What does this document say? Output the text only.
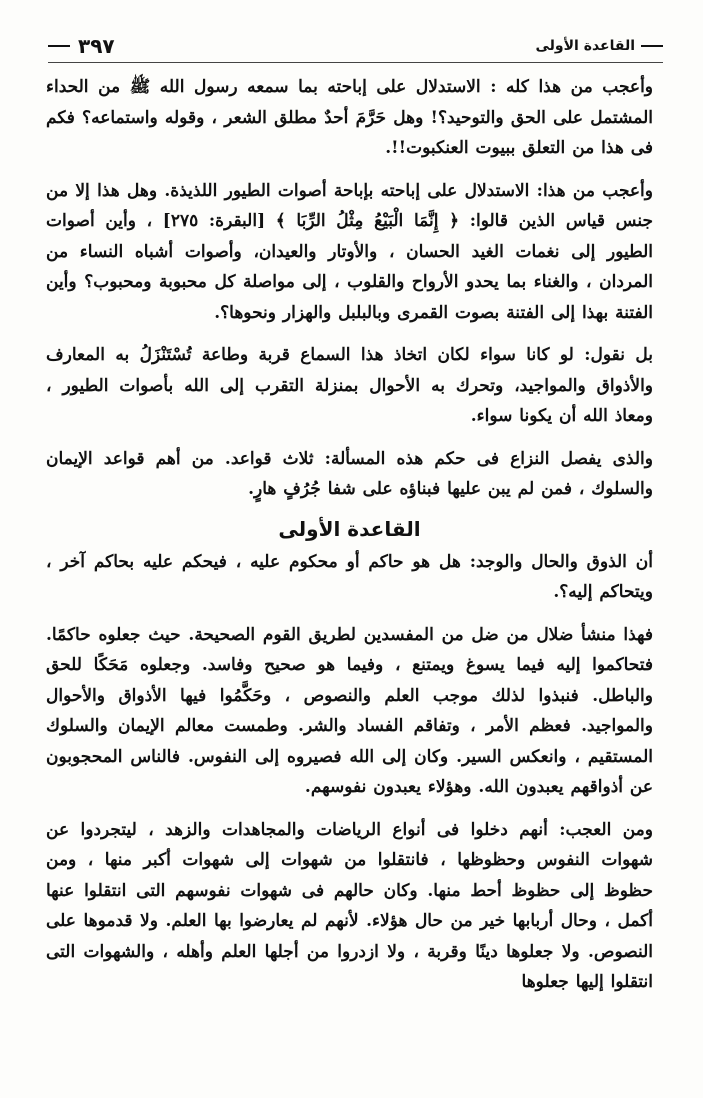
القاعدة الأولى
٣٩٧

وأعجب من هذا كله : الاستدلال على إباحته بما سمعه رسول الله ﷺ من الحداء المشتمل على الحق والتوحيد؟! وهل حَرَّمَ أحدٌ مطلق الشعر ، وقوله واستماعه؟ فكم فى هذا من التعلق ببيوت العنكبوت!!.

وأعجب من هذا: الاستدلال على إباحته بإباحة أصوات الطيور اللذيذة. وهل هذا إلا من جنس قياس الذين قالوا: ﴿ إِنَّمَا الْبَيْعُ مِثْلُ الرِّبَا ﴾ [البقرة: ٢٧٥] ، وأين أصوات الطيور إلى نغمات الغيد الحسان ، والأوتار والعيدان، وأصوات أشباه النساء من المردان ، والغناء بما يحدو الأرواح والقلوب ، إلى مواصلة كل محبوبة ومحبوب؟ وأين الفتنة بهذا إلى الفتنة بصوت القمرى وبالبلبل والهزار ونحوها؟.

بل نقول: لو كانا سواء لكان اتخاذ هذا السماع قربة وطاعة تُسْتَنْزَلُ به المعارف والأذواق والمواجيد، وتحرك به الأحوال بمنزلة التقرب إلى الله بأصوات الطيور ، ومعاذ الله أن يكونا سواء.

والذى يفصل النزاع فى حكم هذه المسألة: ثلاث قواعد. من أهم قواعد الإيمان والسلوك ، فمن لم يبن عليها فبناؤه على شفا جُرُفٍ هارٍ.

القاعدة الأولى

أن الذوق والحال والوجد: هل هو حاكم أو محكوم عليه ، فيحكم عليه بحاكم آخر ، ويتحاكم إليه؟.

فهذا منشأ ضلال من ضل من المفسدين لطريق القوم الصحيحة. حيث جعلوه حاكمًا. فتحاكموا إليه فيما يسوغ ويمتنع ، وفيما هو صحيح وفاسد. وجعلوه مَحَكًا للحق والباطل. فنبذوا لذلك موجب العلم والنصوص ، وحَكَّمُوا فيها الأذواق والأحوال والمواجيد. فعظم الأمر ، وتفاقم الفساد والشر. وطمست معالم الإيمان والسلوك المستقيم ، وانعكس السير. وكان إلى الله فصيروه إلى النفوس. فالناس المحجوبون عن أذواقهم يعبدون الله. وهؤلاء يعبدون نفوسهم.

ومن العجب: أنهم دخلوا فى أنواع الرياضات والمجاهدات والزهد ، ليتجردوا عن شهوات النفوس وحظوظها ، فانتقلوا من شهوات إلى شهوات أكبر منها ، ومن حظوظ إلى حظوظ أحط منها. وكان حالهم فى شهوات نفوسهم التى انتقلوا عنها أكمل ، وحال أربابها خير من حال هؤلاء. لأنهم لم يعارضوا بها العلم. ولا قدموها على النصوص. ولا جعلوها دينًا وقربة ، ولا ازدروا من أجلها العلم وأهله ، والشهوات التى انتقلوا إليها جعلوها
